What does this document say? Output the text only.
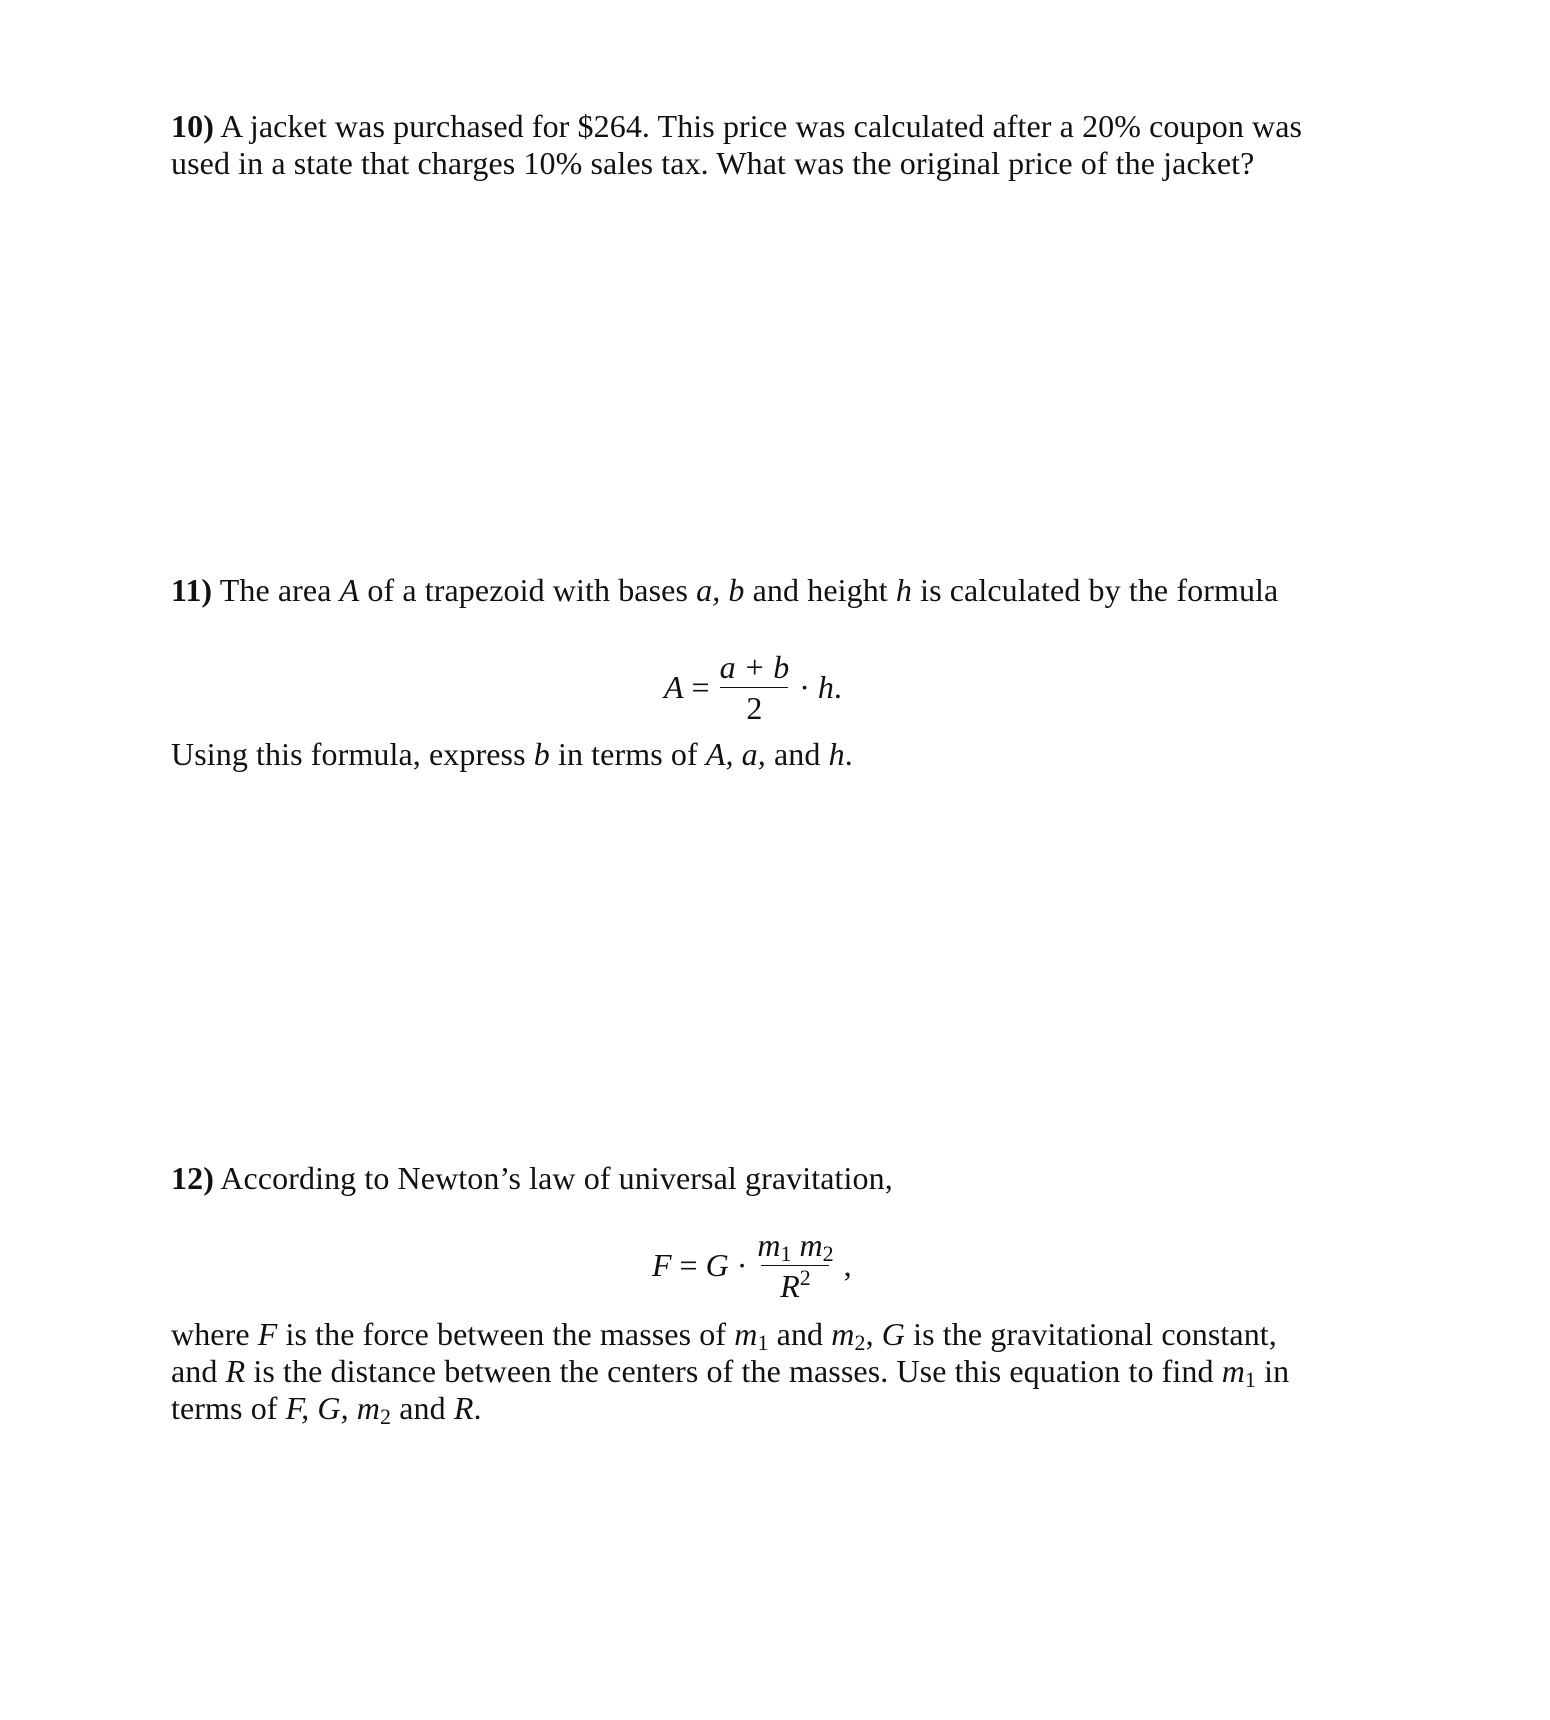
10) A jacket was purchased for $264. This price was calculated after a 20% coupon was

used in a state that charges 10% sales tax. What was the original price of the jacket?

11) The area A of a trapezoid with bases a, b and height h is calculated by the formula

$A = \frac{a + b}{2} \cdot h$ .

Using this formula, express b in terms of A, a, and h.

12) According to Newton’s law of universal gravitation,

$F = G \cdot \frac{m_1 m_2}{R^2}$ ,

where F is the force between the masses of $m_1$ and $m_2$, G is the gravitational constant,

and R is the distance between the centers of the masses. Use this equation to find $m_1$ in

terms of F, G, $m_2$ and R.
